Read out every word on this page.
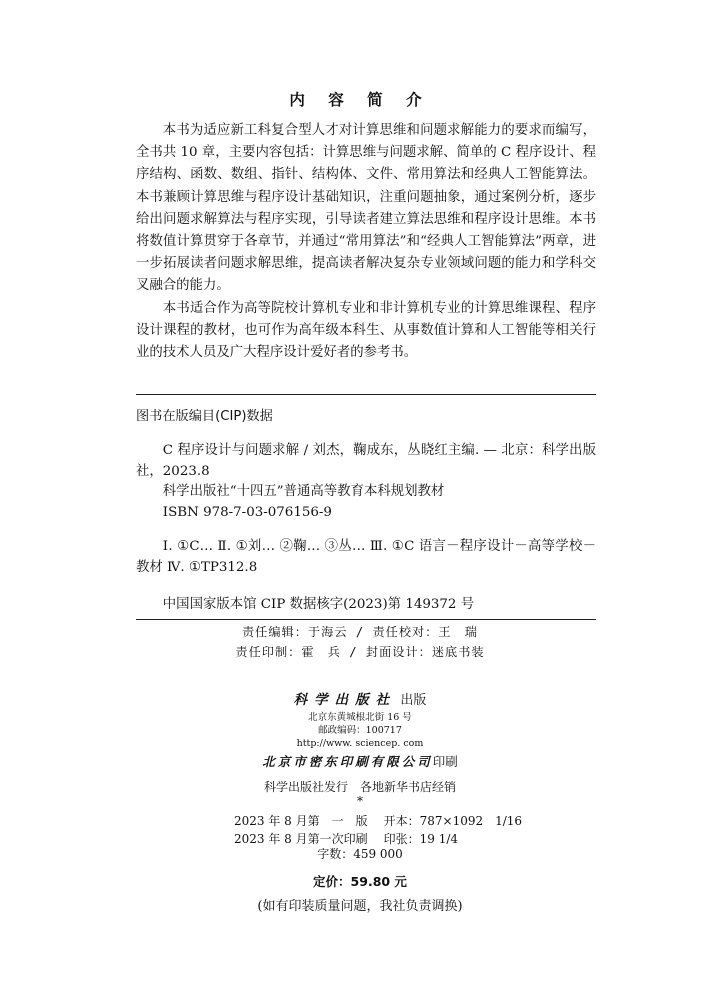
内 容 简 介

本书为适应新工科复合型人才对计算思维和问题求解能力的要求而编写，全书共 10 章，主要内容包括：计算思维与问题求解、简单的 C 程序设计、程序结构、函数、数组、指针、结构体、文件、常用算法和经典人工智能算法。本书兼顾计算思维与程序设计基础知识，注重问题抽象，通过案例分析，逐步给出问题求解算法与程序实现，引导读者建立算法思维和程序设计思维。本书将数值计算贯穿于各章节，并通过“常用算法”和“经典人工智能算法”两章，进一步拓展读者问题求解思维，提高读者解决复杂专业领域问题的能力和学科交叉融合的能力。

本书适合作为高等院校计算机专业和非计算机专业的计算思维课程、程序设计课程的教材，也可作为高年级本科生、从事数值计算和人工智能等相关行业的技术人员及广大程序设计爱好者的参考书。

图书在版编目(CIP)数据
C 程序设计与问题求解 / 刘杰，鞠成东，丛晓红主编. — 北京：科学出版社，2023.8
科学出版社“十四五”普通高等教育本科规划教材
ISBN 978-7-03-076156-9
Ⅰ. ①C… Ⅱ. ①刘… ②鞠… ③丛… Ⅲ. ①C 语言－程序设计－高等学校－教材 Ⅳ. ①TP312.8
中国国家版本馆 CIP 数据核字(2023)第 149372 号
责任编辑：于海云 / 责任校对：王　瑞
责任印制：霍　兵 / 封面设计：迷底书装
科学出版社 出版
北京东黄城根北街 16 号
邮政编码：100717
http://www. sciencep. com
北京市密东印刷有限公司印刷
科学出版社发行　各地新华书店经销
*
2023 年 8 月第　一　版	开本：787×1092　1/16
2023 年 8 月第一次印刷	印张：19 1/4
字数：459 000
定价：59.80 元
(如有印装质量问题，我社负责调换)
